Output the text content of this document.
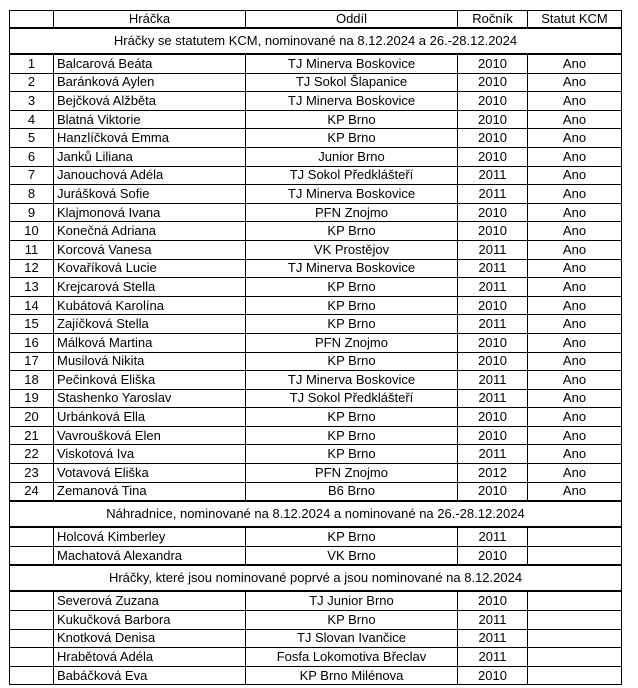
	Hráčka	Oddíl	Ročník	Statut KCM
Hráčky se statutem KCM, nominované na 8.12.2024 a 26.-28.12.2024				
1	Balcarová Beáta	TJ Minerva Boskovice	2010	Ano
2	Baránková Aylen	TJ Sokol Šlapanice	2010	Ano
3	Bejčková Alžběta	TJ Minerva Boskovice	2010	Ano
4	Blatná Viktorie	KP Brno	2010	Ano
5	Hanzlíčková Emma	KP Brno	2010	Ano
6	Janků Liliana	Junior Brno	2010	Ano
7	Janouchová Adéla	TJ Sokol Předklášteří	2011	Ano
8	Jurášková Sofie	TJ Minerva Boskovice	2011	Ano
9	Klajmonová Ivana	PFN Znojmo	2010	Ano
10	Konečná Adriana	KP Brno	2010	Ano
11	Korcová Vanesa	VK Prostějov	2011	Ano
12	Kovaříková Lucie	TJ Minerva Boskovice	2011	Ano
13	Krejcarová Stella	KP Brno	2011	Ano
14	Kubátová Karolína	KP Brno	2010	Ano
15	Zajíčková Stella	KP Brno	2011	Ano
16	Málková Martina	PFN Znojmo	2010	Ano
17	Musilová Nikita	KP Brno	2010	Ano
18	Pečinková Eliška	TJ Minerva Boskovice	2011	Ano
19	Stashenko Yaroslav	TJ Sokol Předklášteří	2011	Ano
20	Urbánková Ella	KP Brno	2010	Ano
21	Vavroušková Elen	KP Brno	2010	Ano
22	Viskotová Iva	KP Brno	2011	Ano
23	Votavová Eliška	PFN Znojmo	2012	Ano
24	Zemanová Tina	B6 Brno	2010	Ano
Náhradnice, nominované na 8.12.2024 a nominované na 26.-28.12.2024				
	Holcová Kimberley	KP Brno	2011	
	Machatová Alexandra	VK Brno	2010	
Hráčky, které jsou nominované poprvé a jsou nominované na 8.12.2024				
	Severová Zuzana	TJ Junior Brno	2010	
	Kukučková Barbora	KP Brno	2011	
	Knotková Denisa	TJ Slovan Ivančice	2011	
	Hrabětová Adéla	Fosfa Lokomotiva Břeclav	2011	
	Babáčková Eva	KP Brno Milénova	2010	
